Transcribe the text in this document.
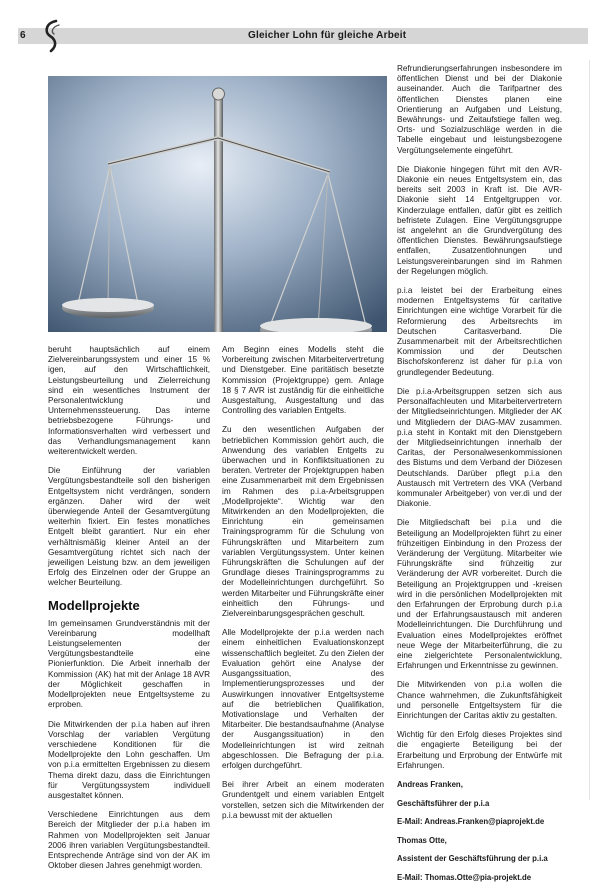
6	Gleicher Lohn für gleiche Arbeit

beruht hauptsächlich auf einem Zielvereinbarungssystem und einer 15 % igen, auf den Wirtschaftlichkeit, Leistungsbeurteilung und Zielerreichung sind ein wesentliches Instrument der Personalentwicklung und Unternehmenssteuerung. Das interne betriebsbezogene Führungs- und Informationsverhalten wird verbessert und das Verhandlungsmanagement kann weiterentwickelt werden.

Die Einführung der variablen Vergütungsbestandteile soll den bisherigen Entgeltsystem nicht verdrängen, sondern ergänzen. Daher wird der weit überwiegende Anteil der Gesamtvergütung weiterhin fixiert. Ein festes monatliches Entgelt bleibt garantiert. Nur ein eher verhältnismäßig kleiner Anteil an der Gesamtvergütung richtet sich nach der jeweiligen Leistung bzw. an dem jeweiligen Erfolg des Einzelnen oder der Gruppe an welcher Beurteilung.

Modellprojekte

Im gemeinsamen Grundverständnis mit der Vereinbarung modellhaft Leistungselementen der Vergütungsbestandteile eine Pionierfunktion. Die Arbeit innerhalb der Kommission (AK) hat mit der Anlage 18 AVR der Möglichkeit geschaffen in Modellprojekten neue Entgeltsysteme zu erproben.

Die Mitwirkenden der p.i.a haben auf ihren Vorschlag der variablen Vergütung verschiedene Konditionen für die Modellprojekte den Lohn geschaffen. Um von p.i.a ermittelten Ergebnissen zu diesem Thema direkt dazu, dass die Einrichtungen für Vergütungssystem individuell ausgestaltet können.

Verschiedene Einrichtungen aus dem Bereich der Mitglieder der p.i.a haben im Rahmen von Modellprojekten seit Januar 2006 ihren variablen Vergütungsbestandteil. Entsprechende Anträge sind von der AK im Oktober diesen Jahres genehmigt worden.

Am Beginn eines Modells steht die Vorbereitung zwischen Mitarbeitervertretung und Dienstgeber. Eine paritätisch besetzte Kommission (Projektgruppe) gem. Anlage 18 § 7 AVR ist zuständig für die einheitliche Ausgestaltung, Ausgestaltung und das Controlling des variablen Entgelts.

Zu den wesentlichen Aufgaben der betrieblichen Kommission gehört auch, die Anwendung des variablen Entgelts zu überwachen und in Konfliktsituationen zu beraten. Vertreter der Projektgruppen haben eine Zusammenarbeit mit dem Ergebnissen im Rahmen des p.i.a-Arbeitsgruppen „Modellprojekte“. Wichtig war den Mitwirkenden an den Modellprojekten, die Einrichtung ein gemeinsamen Trainingsprogramm für die Schulung von Führungskräften und Mitarbeitern zum variablen Vergütungssystem. Unter keinen Führungskräften die Schulungen auf der Grundlage dieses Trainingsprogramms zu der Modelleinrichtungen durchgeführt. So werden Mitarbeiter und Führungskräfte einer einheitlich den Führungs- und Zielvereinbarungsgesprächen geschult.

Alle Modellprojekte der p.i.a werden nach einem einheitlichen Evaluationskonzept wissenschaftlich begleitet. Zu den Zielen der Evaluation gehört eine Analyse der Ausgangssituation, des Implementierungsprozesses und der Auswirkungen innovativer Entgeltsysteme auf die betrieblichen Qualifikation, Motivationslage und Verhalten der Mitarbeiter. Die bestandsaufnahme (Analyse der Ausgangssituation) in den Modelleinrichtungen ist wird zeitnah abgeschlossen. Die Befragung der p.i.a. erfolgen durchgeführt.

Bei ihrer Arbeit an einem moderaten Grundentgelt und einem variablen Entgelt vorstellen, setzen sich die Mitwirkenden der p.i.a bewusst mit der aktuellen

Refrundierungserfahrungen insbesondere im öffentlichen Dienst und bei der Diakonie auseinander. Auch die Tarifpartner des öffentlichen Dienstes planen eine Orientierung an Aufgaben und Leistung, Bewährungs- und Zeitaufstiege fallen weg. Orts- und Sozialzuschläge werden in die Tabelle eingebaut und leistungsbezogene Vergütungselemente eingeführt.

Die Diakonie hingegen führt mit den AVR-Diakonie ein neues Entgeltsystem ein, das bereits seit 2003 in Kraft ist. Die AVR-Diakonie sieht 14 Entgeltgruppen vor. Kinderzulage entfallen, dafür gibt es zeitlich befristete Zulagen. Eine Vergütungsgruppe ist angelehnt an die Grundvergütung des öffentlichen Dienstes. Bewährungsaufstiege entfallen, Zusatzentlohnungen und Leistungsvereinbarungen sind im Rahmen der Regelungen möglich.

p.i.a leistet bei der Erarbeitung eines modernen Entgeltsystems für caritative Einrichtungen eine wichtige Vorarbeit für die Reformierung des Arbeitsrechts im Deutschen Caritasverband. Die Zusammenarbeit mit der Arbeitsrechtlichen Kommission und der Deutschen Bischofskonferenz ist daher für p.i.a von grundlegender Bedeutung.

Die p.i.a-Arbeitsgruppen setzen sich aus Personalfachleuten und Mitarbeitervertretern der Mitgliedseinrichtungen. Mitglieder der AK und Mitgliedern der DiAG-MAV zusammen. p.i.a steht in Kontakt mit den Dienstgebern der Mitgliedseinrichtungen innerhalb der Caritas, der Personalwesenkommissionen des Bistums und dem Verband der Diözesen Deutschlands. Darüber pflegt p.i.a den Austausch mit Vertretern des VKA (Verband kommunaler Arbeitgeber) von ver.di und der Diakonie.

Die Mitgliedschaft bei p.i.a und die Beteiligung an Modellprojekten führt zu einer frühzeitigen Einbindung in den Prozess der Veränderung der Vergütung. Mitarbeiter wie Führungskräfte sind frühzeitig zur Veränderung der AVR vorbereitet. Durch die Beteiligung an Projektgruppen und -kreisen wird in die persönlichen Modellprojekten mit den Erfahrungen der Erprobung durch p.i.a und der Erfahrungsaustausch mit anderen Modelleinrichtungen. Die Durchführung und Evaluation eines Modellprojektes eröffnet neue Wege der Mitarbeiterführung, die zu eine zielgerichtete Personalentwicklung, Erfahrungen und Erkenntnisse zu gewinnen.

Die Mitwirkenden von p.i.a wollen die Chance wahrnehmen, die Zukunftsfähigkeit und personelle Entgeltsystem für die Einrichtungen der Caritas aktiv zu gestalten.

Wichtig für den Erfolg dieses Projektes sind die engagierte Beteiligung bei der Erarbeitung und Erprobung der Entwürfe mit Erfahrungen.

Andreas Franken,

Geschäftsführer der p.i.a

E-Mail: Andreas.Franken@piaprojekt.de

Thomas Otte,

Assistent der Geschäftsführung der p.i.a

E-Mail: Thomas.Otte@pia-projekt.de
